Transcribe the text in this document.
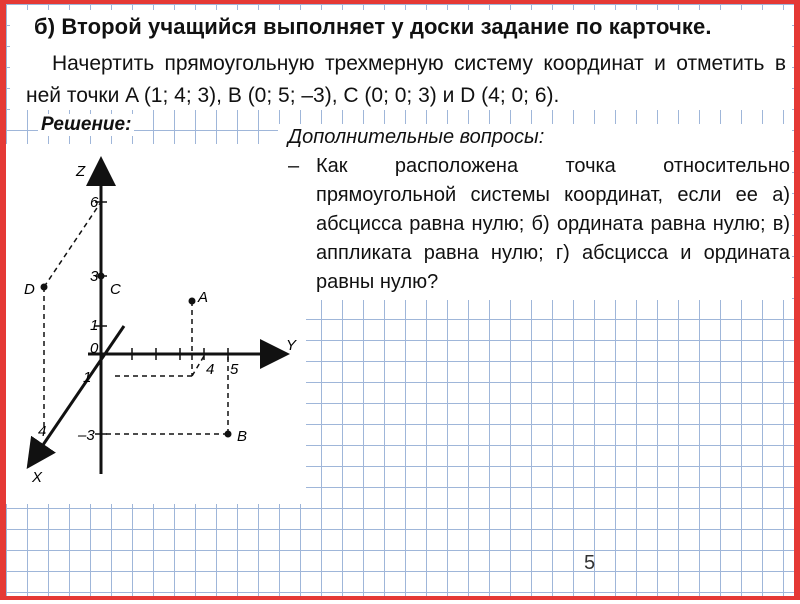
б) Второй учащийся выполняет у доски задание по карточке.
Начертить прямоугольную трехмерную систему координат и отметить в ней точки A (1; 4; 3), B (0; 5; –3), C (0; 0; 3) и D (4; 0; 6).
Решение:
Дополнительные вопросы:
– Как расположена точка относительно прямоугольной системы координат, если ее а) абсцисса равна нулю; б) ордината равна нулю; в) аппликата равна нулю; г) абсцисса и ордината равны нулю?
Z
Y
X
0
6
3
1
4 5
–3
1
4
A
B
C
D
5
